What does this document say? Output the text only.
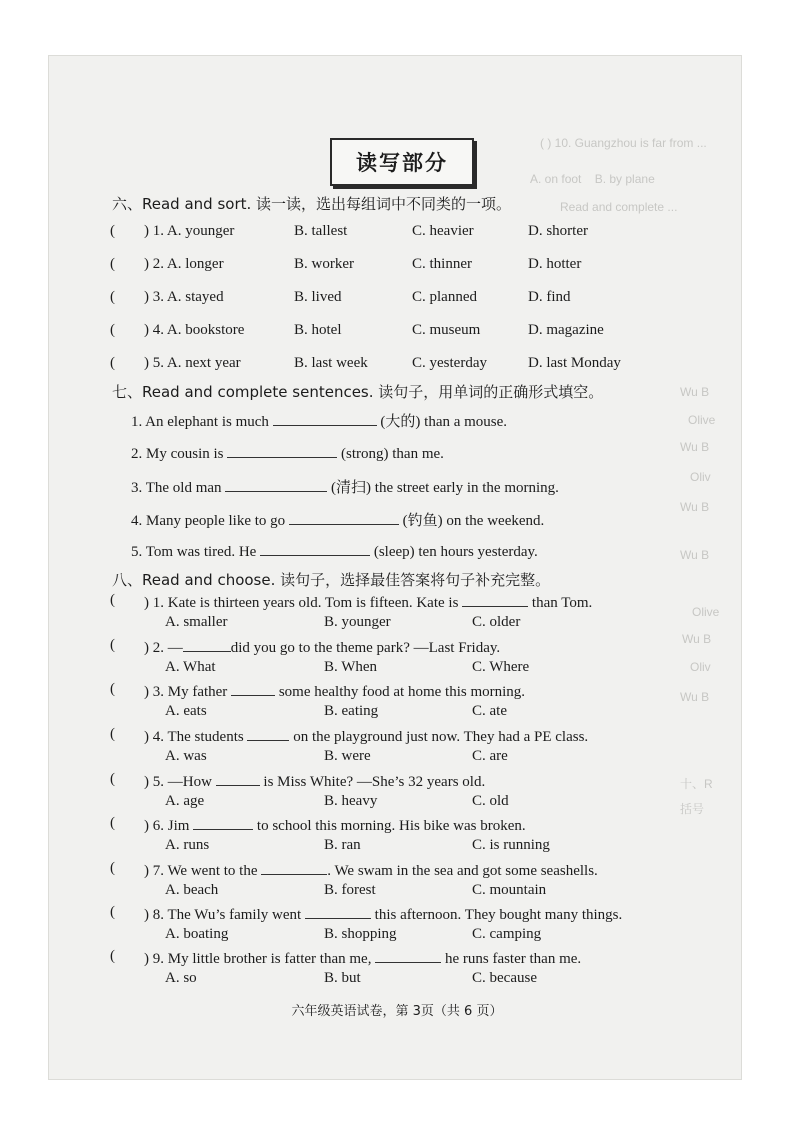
( ) 10. Guangzhou is far from ...
A. on foot    B. by plane
Read and complete ...
Wu B
Olive
Wu B
Oliv
Wu B
Wu B
Olive
Wu B
Oliv
Wu B
十、R
括号
读写部分
六、Read and sort. 读一读，选出每组词中不同类的一项。
( ) 1. A. younger	B. tallest	C. heavier	D. shorter
( ) 2. A. longer	B. worker	C. thinner	D. hotter
( ) 3. A. stayed	B. lived	C. planned	D. find
( ) 4. A. bookstore	B. hotel	C. museum	D. magazine
( ) 5. A. next year	B. last week	C. yesterday	D. last Monday
七、Read and complete sentences. 读句子，用单词的正确形式填空。
1. An elephant is much	(大的) than a mouse.
2. My cousin is	(strong) than me.
3. The old man	(清扫) the street early in the morning.
4. Many people like to go	(钓鱼) on the weekend.
5. Tom was tired. He	(sleep) ten hours yesterday.
八、Read and choose. 读句子，选择最佳答案将句子补充完整。
( ) 1. Kate is thirteen years old. Tom is fifteen. Kate is	than Tom.
A. smaller	B. younger	C. older
( ) 2. —	did you go to the theme park? —Last Friday.
A. What	B. When	C. Where
( ) 3. My father	some healthy food at home this morning.
A. eats	B. eating	C. ate
( ) 4. The students	on the playground just now. They had a PE class.
A. was	B. were	C. are
( ) 5. —How	is Miss White? —She’s 32 years old.
A. age	B. heavy	C. old
( ) 6. Jim	to school this morning. His bike was broken.
A. runs	B. ran	C. is running
( ) 7. We went to the	. We swam in the sea and got some seashells.
A. beach	B. forest	C. mountain
( ) 8. The Wu’s family went	this afternoon. They bought many things.
A. boating	B. shopping	C. camping
( ) 9. My little brother is fatter than me,	he runs faster than me.
A. so	B. but	C. because
六年级英语试卷，第 3页（共 6 页）
